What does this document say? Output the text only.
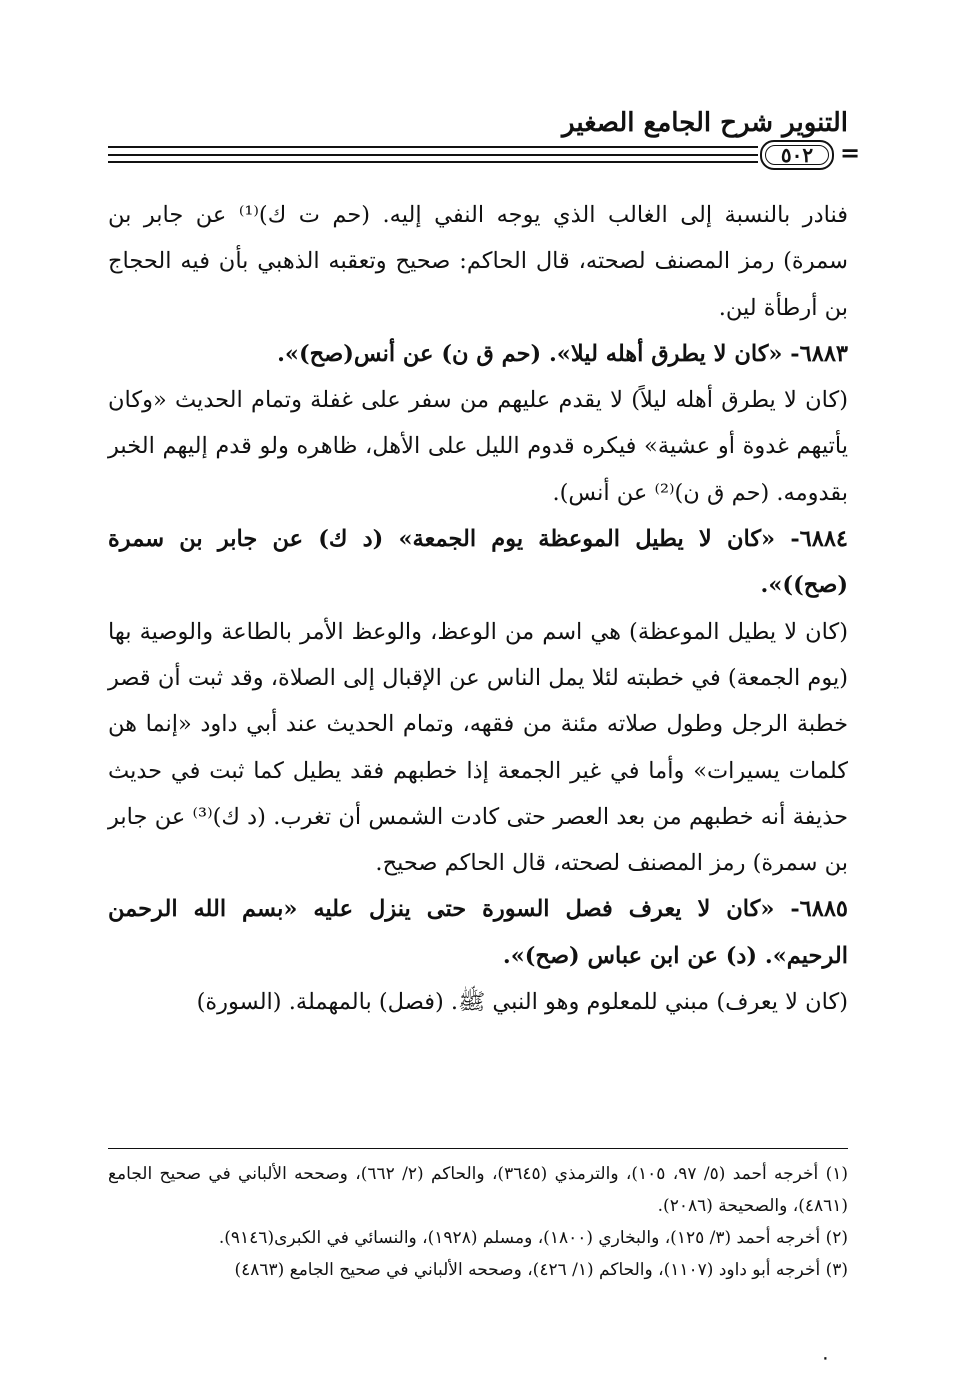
التنوير شرح الجامع الصغير
٥٠٢ =

فنادر بالنسبة إلى الغالب الذي يوجه النفي إليه. (حم ت ك)⁽¹⁾ عن جابر بن سمرة) رمز المصنف لصحته، قال الحاكم: صحيح وتعقبه الذهبي بأن فيه الحجاج بن أرطأة لين.

٦٨٨٣- «كان لا يطرق أهله ليلا». (حم ق ن) عن أنس(صح)».

(كان لا يطرق أهله ليلاً) لا يقدم عليهم من سفر على غفلة وتمام الحديث «وكان يأتيهم غدوة أو عشية» فيكره قدوم الليل على الأهل، ظاهره ولو قدم إليهم الخبر بقدومه. (حم ق ن)⁽²⁾ عن أنس).

٦٨٨٤- «كان لا يطيل الموعظة يوم الجمعة» (د ك) عن جابر بن سمرة (صح))».

(كان لا يطيل الموعظة) هي اسم من الوعظ، والوعظ الأمر بالطاعة والوصية بها (يوم الجمعة) في خطبته لئلا يمل الناس عن الإقبال إلى الصلاة، وقد ثبت أن قصر خطبة الرجل وطول صلاته مئنة من فقهه، وتمام الحديث عند أبي داود «إنما هن كلمات يسيرات» وأما في غير الجمعة إذا خطبهم فقد يطيل كما ثبت في حديث حذيفة أنه خطبهم من بعد العصر حتى كادت الشمس أن تغرب. (د ك)⁽³⁾ عن جابر بن سمرة) رمز المصنف لصحته، قال الحاكم صحيح.

٦٨٨٥- «كان لا يعرف فصل السورة حتى ينزل عليه «بسم الله الرحمن الرحيم». (د) عن ابن عباس (صح)».

(كان لا يعرف) مبني للمعلوم وهو النبي ﷺ. (فصل) بالمهملة. (السورة)

(١) أخرجه أحمد (٥/ ٩٧، ١٠٥)، والترمذي (٣٦٤٥)، والحاكم (٢/ ٦٦٢)، وصححه الألباني في صحيح الجامع (٤٨٦١)، والصحيحة (٢٠٨٦).

(٢) أخرجه أحمد (٣/ ١٢٥)، والبخاري (١٨٠٠)، ومسلم (١٩٢٨)، والنسائي في الكبرى(٩١٤٦).

(٣) أخرجه أبو داود (١١٠٧)، والحاكم (١/ ٤٢٦)، وصححه الألباني في صحيح الجامع (٤٨٦٣)

٠
